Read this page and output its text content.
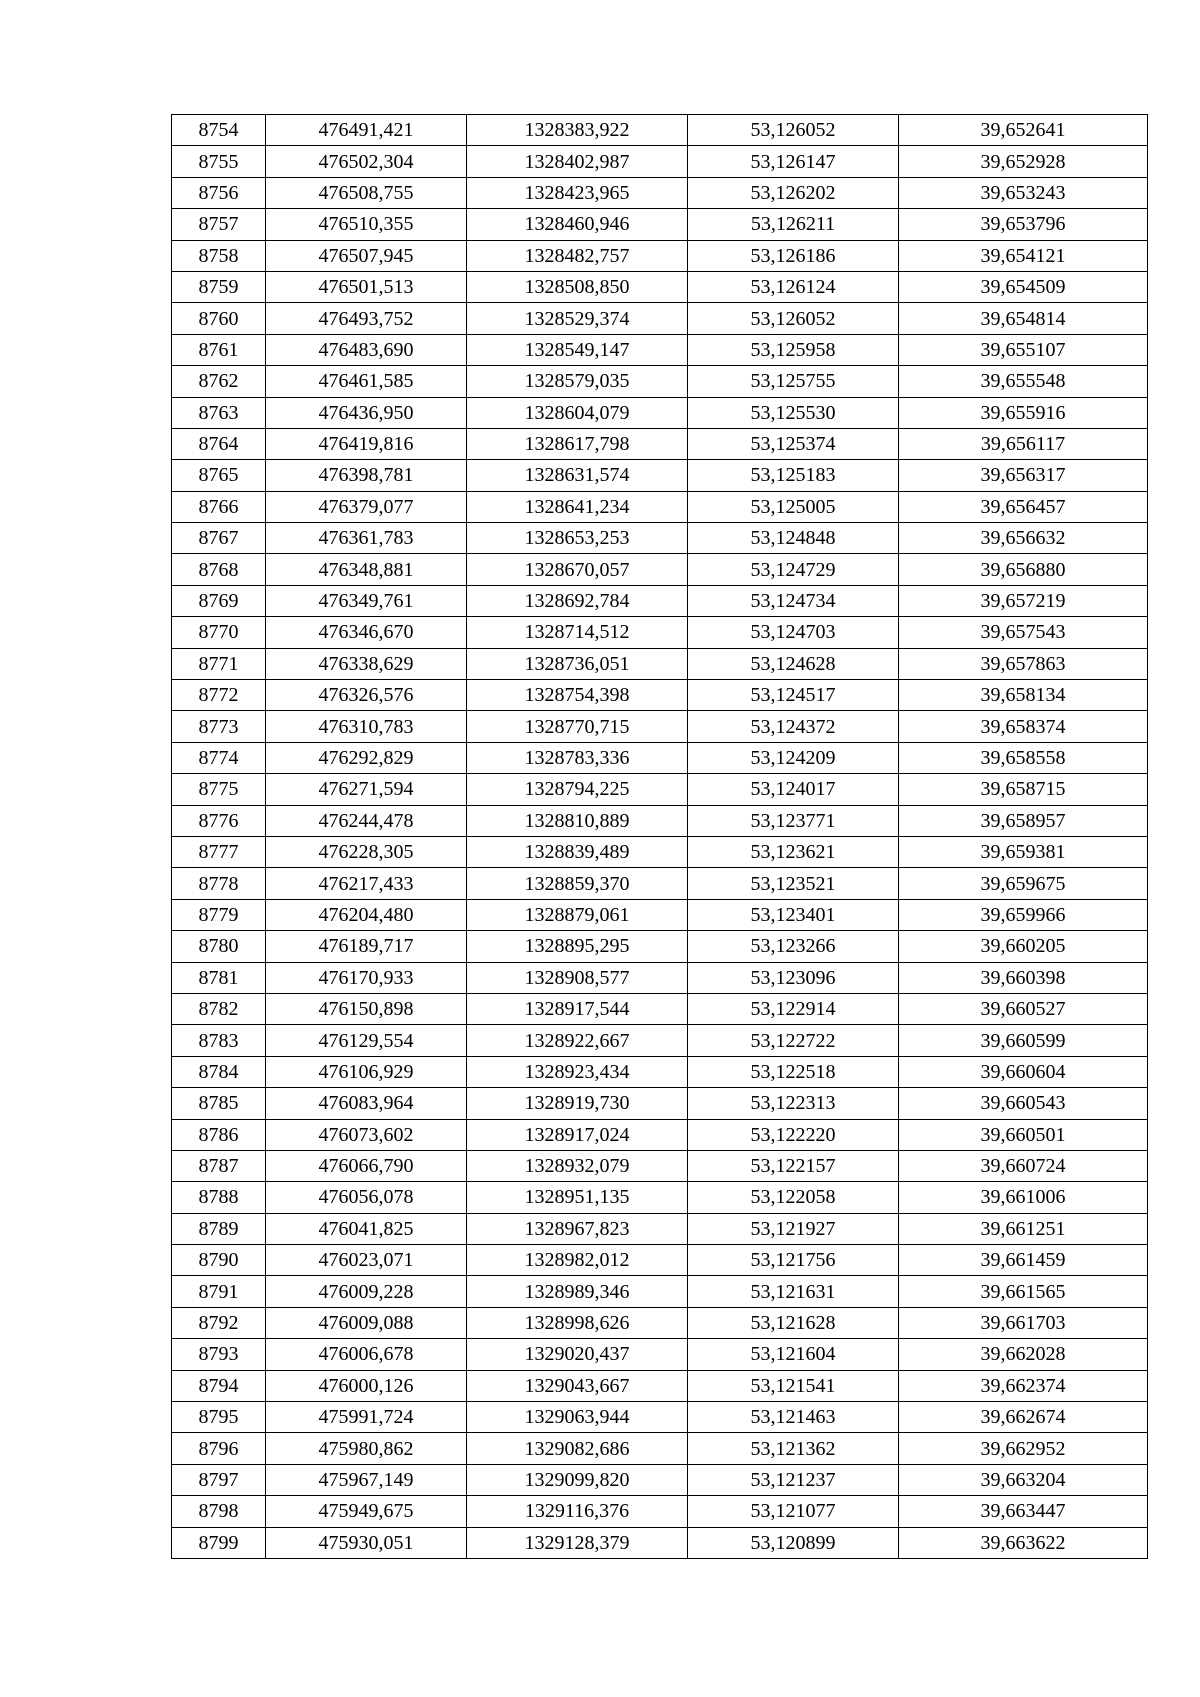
8754	476491,421	1328383,922	53,126052	39,652641
8755	476502,304	1328402,987	53,126147	39,652928
8756	476508,755	1328423,965	53,126202	39,653243
8757	476510,355	1328460,946	53,126211	39,653796
8758	476507,945	1328482,757	53,126186	39,654121
8759	476501,513	1328508,850	53,126124	39,654509
8760	476493,752	1328529,374	53,126052	39,654814
8761	476483,690	1328549,147	53,125958	39,655107
8762	476461,585	1328579,035	53,125755	39,655548
8763	476436,950	1328604,079	53,125530	39,655916
8764	476419,816	1328617,798	53,125374	39,656117
8765	476398,781	1328631,574	53,125183	39,656317
8766	476379,077	1328641,234	53,125005	39,656457
8767	476361,783	1328653,253	53,124848	39,656632
8768	476348,881	1328670,057	53,124729	39,656880
8769	476349,761	1328692,784	53,124734	39,657219
8770	476346,670	1328714,512	53,124703	39,657543
8771	476338,629	1328736,051	53,124628	39,657863
8772	476326,576	1328754,398	53,124517	39,658134
8773	476310,783	1328770,715	53,124372	39,658374
8774	476292,829	1328783,336	53,124209	39,658558
8775	476271,594	1328794,225	53,124017	39,658715
8776	476244,478	1328810,889	53,123771	39,658957
8777	476228,305	1328839,489	53,123621	39,659381
8778	476217,433	1328859,370	53,123521	39,659675
8779	476204,480	1328879,061	53,123401	39,659966
8780	476189,717	1328895,295	53,123266	39,660205
8781	476170,933	1328908,577	53,123096	39,660398
8782	476150,898	1328917,544	53,122914	39,660527
8783	476129,554	1328922,667	53,122722	39,660599
8784	476106,929	1328923,434	53,122518	39,660604
8785	476083,964	1328919,730	53,122313	39,660543
8786	476073,602	1328917,024	53,122220	39,660501
8787	476066,790	1328932,079	53,122157	39,660724
8788	476056,078	1328951,135	53,122058	39,661006
8789	476041,825	1328967,823	53,121927	39,661251
8790	476023,071	1328982,012	53,121756	39,661459
8791	476009,228	1328989,346	53,121631	39,661565
8792	476009,088	1328998,626	53,121628	39,661703
8793	476006,678	1329020,437	53,121604	39,662028
8794	476000,126	1329043,667	53,121541	39,662374
8795	475991,724	1329063,944	53,121463	39,662674
8796	475980,862	1329082,686	53,121362	39,662952
8797	475967,149	1329099,820	53,121237	39,663204
8798	475949,675	1329116,376	53,121077	39,663447
8799	475930,051	1329128,379	53,120899	39,663622
